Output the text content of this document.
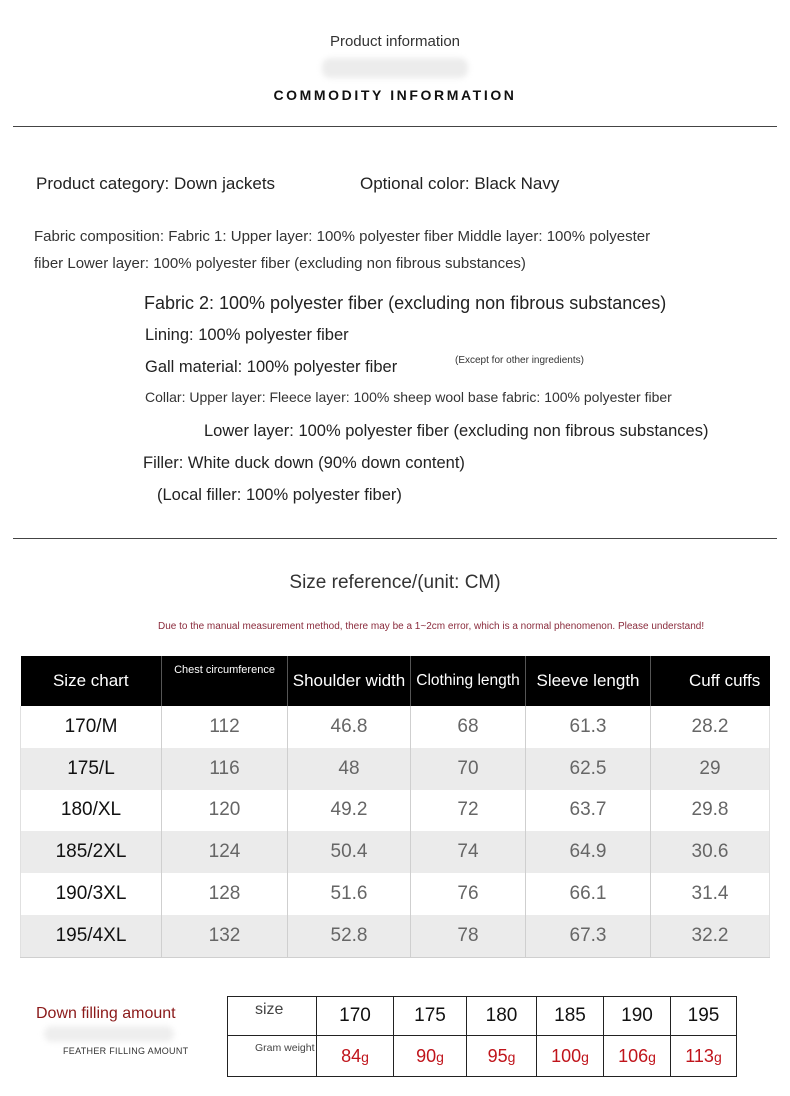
Product information
COMMODITY INFORMATION
Product category: Down jackets	Optional color: Black Navy
Fabric composition: Fabric 1: Upper layer: 100% polyester fiber Middle layer: 100% polyester
fiber Lower layer: 100% polyester fiber (excluding non fibrous substances)
Fabric 2: 100% polyester fiber (excluding non fibrous substances)
Lining: 100% polyester fiber
Gall material: 100% polyester fiber	(Except for other ingredients)
Collar: Upper layer: Fleece layer: 100% sheep wool base fabric: 100% polyester fiber
Lower layer: 100% polyester fiber (excluding non fibrous substances)
Filler: White duck down (90% down content)
(Local filler: 100% polyester fiber)
Size reference/(unit: CM)
Due to the manual measurement method, there may be a 1~2cm error, which is a normal phenomenon. Please understand!
Size chart	Chest circumference	Shoulder width	Clothing length	Sleeve length	Cuff cuffs
170/M	112	46.8	68	61.3	28.2
175/L	116	48	70	62.5	29
180/XL	120	49.2	72	63.7	29.8
185/2XL	124	50.4	74	64.9	30.6
190/3XL	128	51.6	76	66.1	31.4
195/4XL	132	52.8	78	67.3	32.2
Down filling amount
FEATHER FILLING AMOUNT
size	170	175	180	185	190	195
Gram weight	84g	90g	95g	100g	106g	113g
